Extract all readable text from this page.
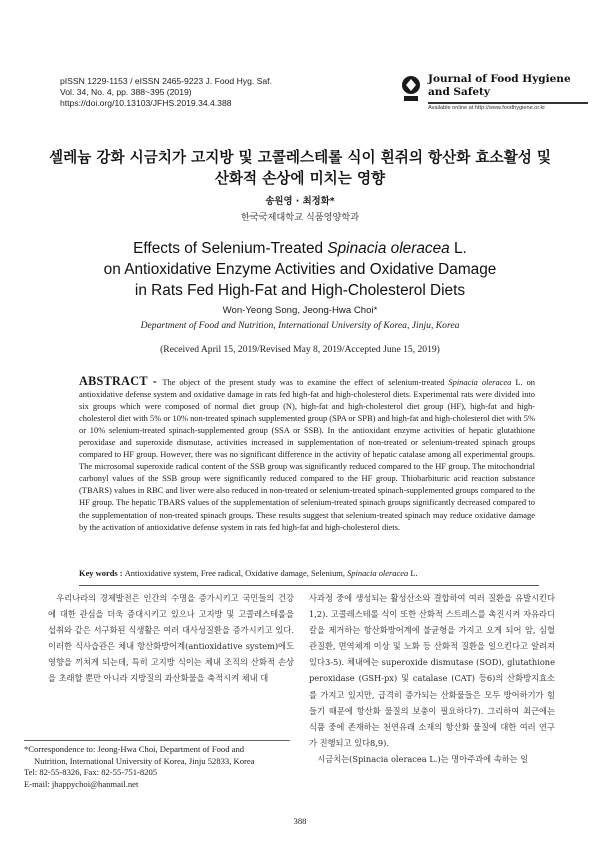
pISSN 1229-1153 / eISSN 2465-9223 J. Food Hyg. Saf.
Vol. 34, No. 4, pp. 388~395 (2019)
https://doi.org/10.13103/JFHS.2019.34.4.388
Journal of Food Hygiene
and Safety
Available online at http://www.foodhygiene.or.kr
셀레늄 강화 시금치가 고지방 및 고콜레스테롤 식이 흰쥐의 항산화 효소활성 및
산화적 손상에 미치는 영향
송원영 · 최정화*
한국국제대학교 식품영양학과
Effects of Selenium-Treated Spinacia oleracea L.
on Antioxidative Enzyme Activities and Oxidative Damage
in Rats Fed High-Fat and High-Cholesterol Diets
Won-Yeong Song, Jeong-Hwa Choi*
Department of Food and Nutrition, International University of Korea, Jinju, Korea
(Received April 15, 2019/Revised May 8, 2019/Accepted June 15, 2019)
ABSTRACT - The object of the present study was to examine the effect of selenium-treated Spinacia oleracea L. on antioxidative defense system and oxidative damage in rats fed high-fat and high-cholesterol diets. Experimental rats were divided into six groups which were composed of normal diet group (N), high-fat and high-cholesterol diet group (HF), high-fat and high-cholesterol diet with 5% or 10% non-treated spinach supplemented group (SPA or SPB) and high-fat and high-cholesterol diet with 5% or 10% selenium-treated spinach-supplemented group (SSA or SSB). In the antioxidant enzyme activities of hepatic glutathione peroxidase and superoxide dismutase, activities increased in supplementation of non-treated or selenium-treated spinach groups compared to HF group. However, there was no significant difference in the activity of hepatic catalase among all experimental groups. The microsomal superoxide radical content of the SSB group was significantly reduced compared to the HF group. The mitochondrial carbonyl values of the SSB group were significantly reduced compared to the HF group. Thiobarbituric acid reaction substance (TBARS) values in RBC and liver were also reduced in non-treated or selenium-treated spinach-supplemented groups compared to the HF group. The hepatic TBARS values of the supplementation of selenium-treated spinach groups significantly decreased compared to the supplementation of non-treated spinach groups. These results suggest that selenium-treated spinach may reduce oxidative damage by the activation of antioxidative defense system in rats fed high-fat and high-cholesterol diets.
Key words : Antioxidative system, Free radical, Oxidative damage, Selenium, Spinacia oleracea L.

우리나라의 경제발전은 인간의 수명을 증가시키고 국민들의 건강에 대한 관심을 더욱 증대시키고 있으나 고지방 및 고콜레스테롤을 섭취와 같은 서구화된 식생활은 여러 대사성질환을 증가시키고 있다. 이러한 식사습관은 체내 항산화방어계(antioxidative system)에도 영향을 끼쳐게 되는데, 특히 고지방 식이는 체내 조직의 산화적 손상을 초래할 뿐만 아니라 지방질의 과산화물을 축적시켜 체내 대

사과정 중에 생성되는 활성산소와 결합하여 여러 질환을 유발시킨다1,2). 고콜레스테롤 식이 또한 산화적 스트레스를 촉진시켜 자유라디칼을 제거하는 항산화방어계에 불균형을 가지고 오게 되어 암, 심혈관질환, 면역체계 이상 및 노화 등 산화적 질환을 일으킨다고 알려져 있다3-5). 체내에는 superoxide dismutase (SOD), glutathione peroxidase (GSH-px) 및 catalase (CAT) 등6)의 산화방지효소를 가지고 있지만, 급격히 증가되는 산화물들은 모두 방어하기가 힘들기 때문에 항산화 물질의 보충이 필요하다7). 그리하여 최근에는 식품 중에 존재하는 천연유래 소재의 항산화 물질에 대한 여러 연구가 진행되고 있다8,9).

시금치는(Spinacia oleracea L.)는 명아주과에 속하는 일

*Correspondence to: Jeong-Hwa Choi, Department of Food and
Nutrition, International University of Korea, Jinju 52833, Korea
Tel: 82-55-8326, Fax: 82-55-751-8205
E-mail: jhappychoi@hanmail.net
388
